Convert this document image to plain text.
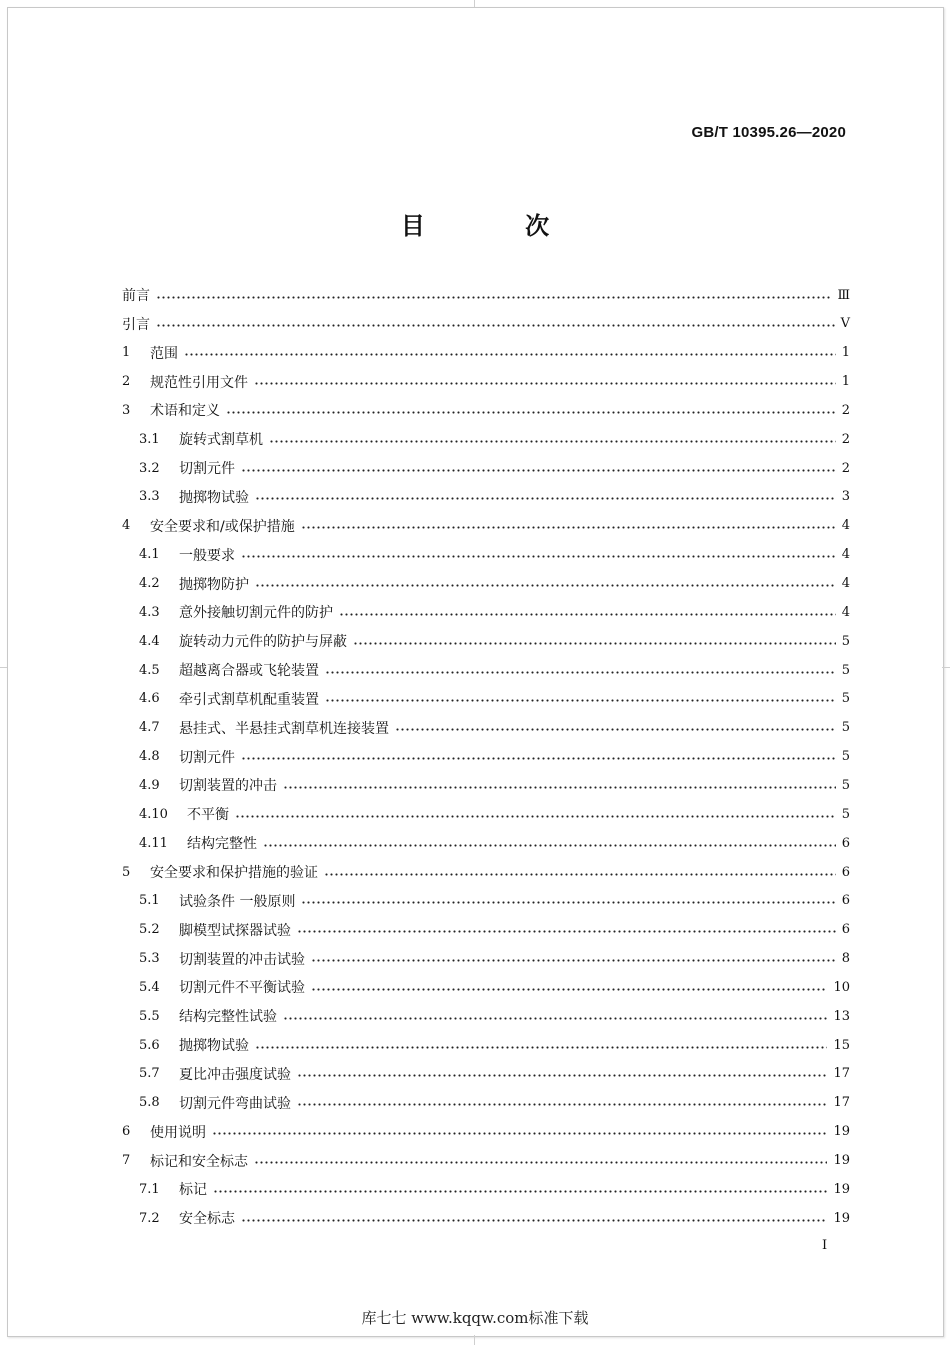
GB/T 10395.26—2020
目 次
前言	Ⅲ
引言	Ⅴ
1	范围	1
2	规范性引用文件	1
3	术语和定义	2
3.1	旋转式割草机	2
3.2	切割元件	2
3.3	抛掷物试验	3
4	安全要求和/或保护措施	4
4.1	一般要求	4
4.2	抛掷物防护	4
4.3	意外接触切割元件的防护	4
4.4	旋转动力元件的防护与屏蔽	5
4.5	超越离合器或飞轮装置	5
4.6	牵引式割草机配重装置	5
4.7	悬挂式、半悬挂式割草机连接装置	5
4.8	切割元件	5
4.9	切割装置的冲击	5
4.10	不平衡	5
4.11	结构完整性	6
5	安全要求和保护措施的验证	6
5.1	试验条件 一般原则	6
5.2	脚模型试探器试验	6
5.3	切割装置的冲击试验	8
5.4	切割元件不平衡试验	10
5.5	结构完整性试验	13
5.6	抛掷物试验	15
5.7	夏比冲击强度试验	17
5.8	切割元件弯曲试验	17
6	使用说明	19
7	标记和安全标志	19
7.1	标记	19
7.2	安全标志	19
I
库七七 www.kqqw.com标准下载
